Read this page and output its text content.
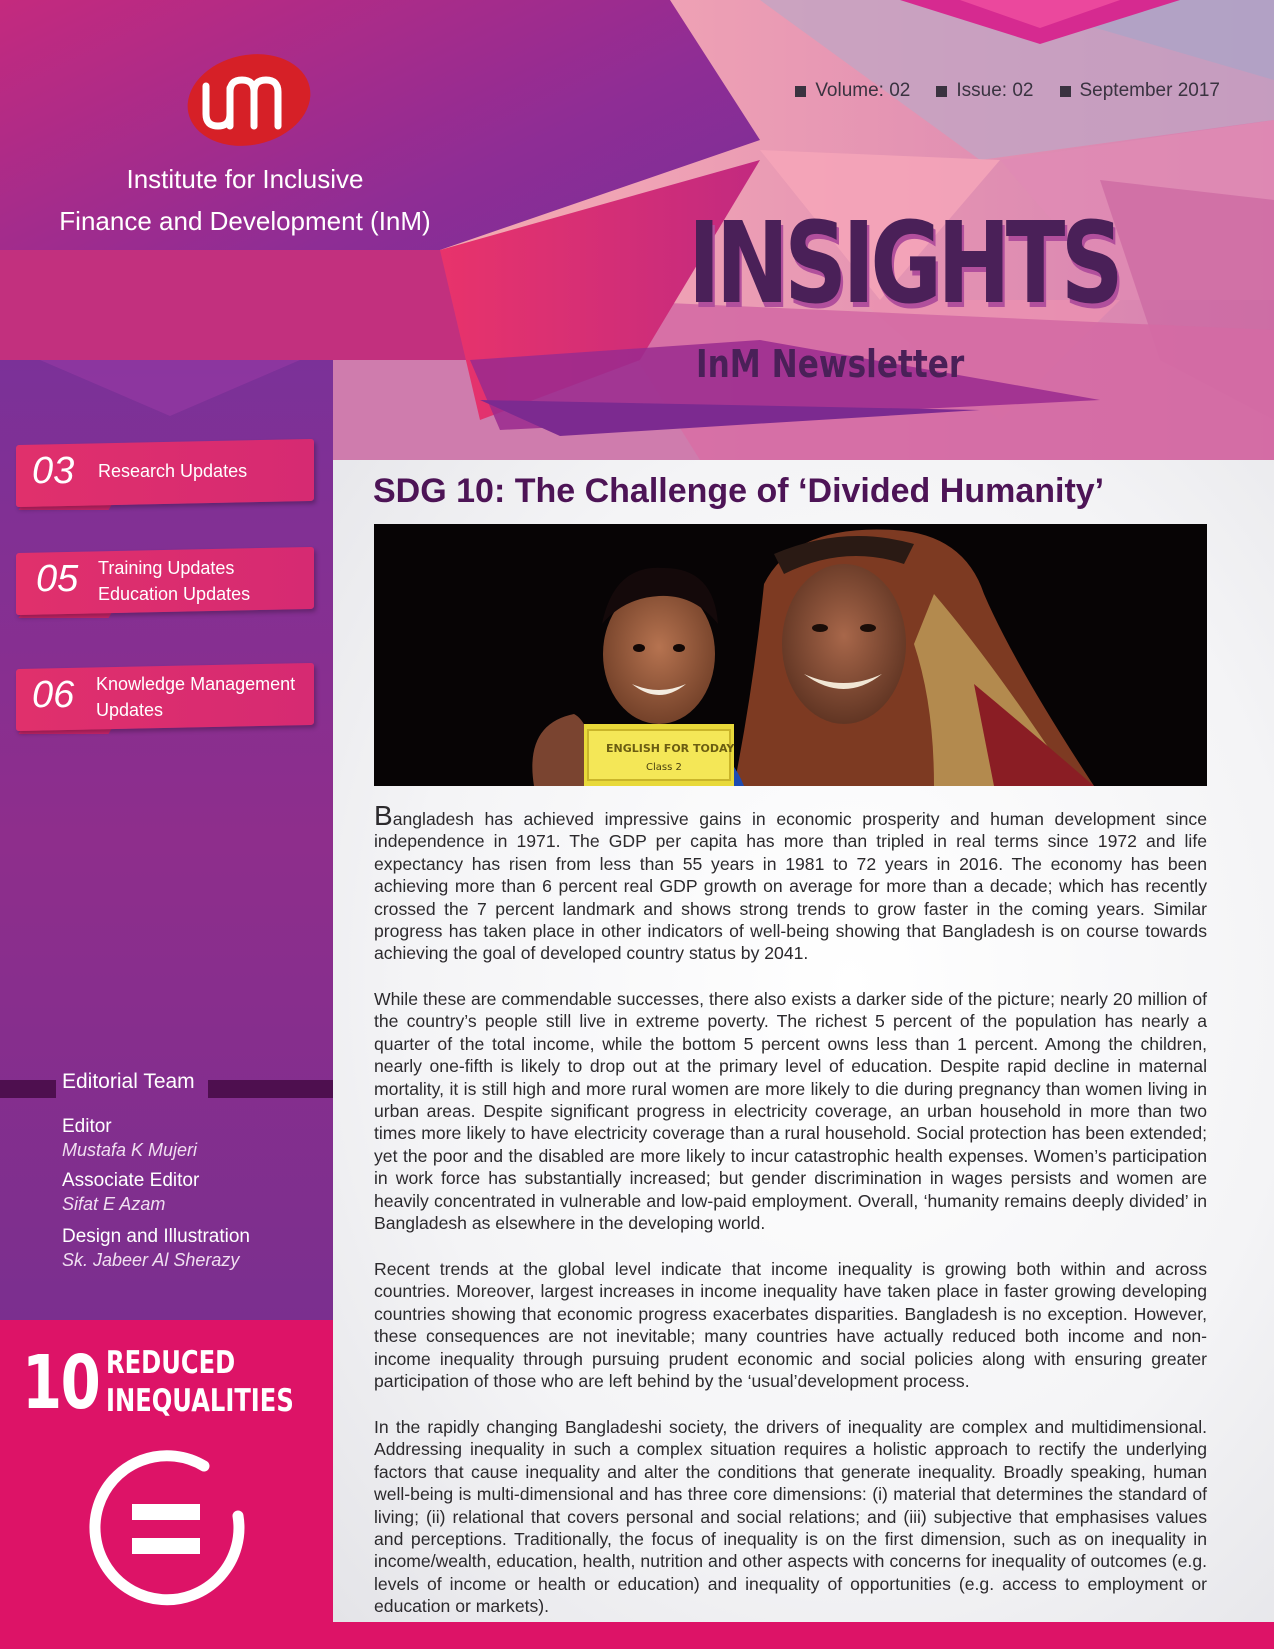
Institute for Inclusive
Finance and Development (InM)
Volume: 02 Issue: 02 September 2017
INSIGHTS
InM Newsletter
03 Research Updates
05 Training Updates
Education Updates
06 Knowledge Management
Updates
Editorial Team
Editor
Mustafa K Mujeri
Associate Editor
Sifat E Azam
Design and Illustration
Sk. Jabeer Al Sherazy
10 REDUCED
INEQUALITIES
SDG 10: The Challenge of ‘Divided Humanity’
ENGLISH FOR TODAY
Class 2

Bangladesh has achieved impressive gains in economic prosperity and human development since independence in 1971. The GDP per capita has more than tripled in real terms since 1972 and life expectancy has risen from less than 55 years in 1981 to 72 years in 2016. The economy has been achieving more than 6 percent real GDP growth on average for more than a decade; which has recently crossed the 7 percent landmark and shows strong trends to grow faster in the coming years. Similar progress has taken place in other indicators of well-being showing that Bangladesh is on course towards achieving the goal of developed country status by 2041.

While these are commendable successes, there also exists a darker side of the picture; nearly 20 million of the country’s people still live in extreme poverty. The richest 5 percent of the population has nearly a quarter of the total income, while the bottom 5 percent owns less than 1 percent. Among the children, nearly one-fifth is likely to drop out at the primary level of education. Despite rapid decline in maternal mortality, it is still high and more rural women are more likely to die during pregnancy than women living in urban areas. Despite significant progress in electricity coverage, an urban household in more than two times more likely to have electricity coverage than a rural household. Social protection has been extended; yet the poor and the disabled are more likely to incur catastrophic health expenses. Women’s participation in work force has substantially increased; but gender discrimination in wages persists and women are heavily concentrated in vulnerable and low-paid employment. Overall, ‘humanity remains deeply divided’ in Bangladesh as elsewhere in the developing world.

Recent trends at the global level indicate that income inequality is growing both within and across countries. Moreover, largest increases in income inequality have taken place in faster growing developing countries showing that economic progress exacerbates disparities. Bangladesh is no exception. However, these consequences are not inevitable; many countries have actually reduced both income and non-income inequality through pursuing prudent economic and social policies along with ensuring greater participation of those who are left behind by the ‘usual’development process.

In the rapidly changing Bangladeshi society, the drivers of inequality are complex and multidimensional. Addressing inequality in such a complex situation requires a holistic approach to rectify the underlying factors that cause inequality and alter the conditions that generate inequality. Broadly speaking, human well-being is multi-dimensional and has three core dimensions: (i) material that determines the standard of living; (ii) relational that covers personal and social relations; and (iii) subjective that emphasises values and perceptions. Traditionally, the focus of inequality is on the first dimension, such as on inequality in income/wealth, education, health, nutrition and other aspects with concerns for inequality of outcomes (e.g. levels of income or health or education) and inequality of opportunities (e.g. access to employment or education or markets).
